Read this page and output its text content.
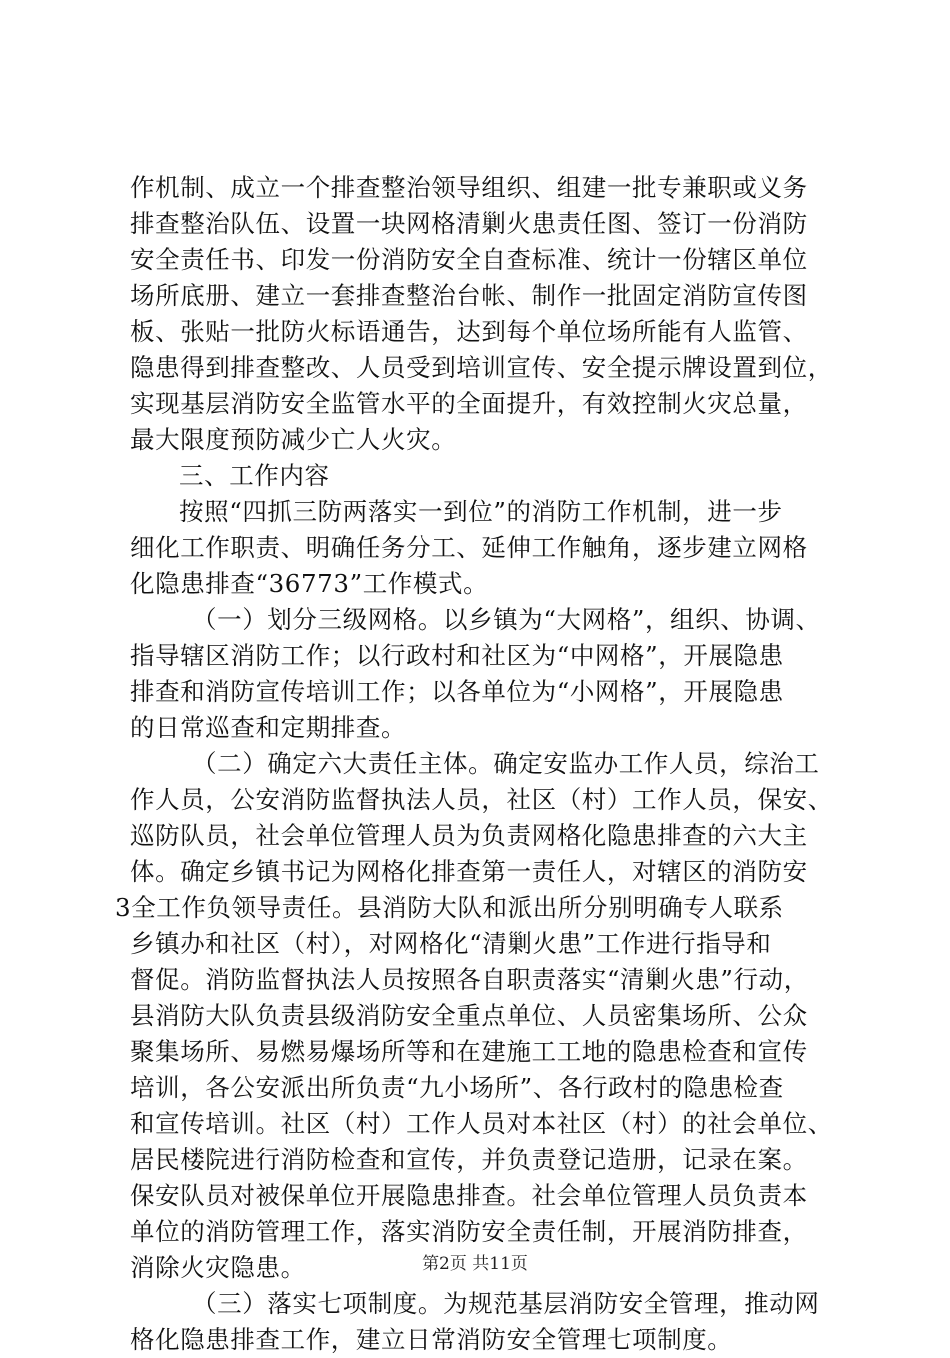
作机制、成立一个排查整治领导组织、组建一批专兼职或义务
排查整治队伍、设置一块网格清剿火患责任图、签订一份消防
安全责任书、印发一份消防安全自查标准、统计一份辖区单位
场所底册、建立一套排查整治台帐、制作一批固定消防宣传图
板、张贴一批防火标语通告，达到每个单位场所能有人监管、
隐患得到排查整改、人员受到培训宣传、安全提示牌设置到位，
实现基层消防安全监管水平的全面提升，有效控制火灾总量，
最大限度预防减少亡人火灾。
三、工作内容
按照“四抓三防两落实一到位”的消防工作机制，进一步
细化工作职责、明确任务分工、延伸工作触角，逐步建立网格
化隐患排查“36773”工作模式。
（一）划分三级网格。以乡镇为“大网格”，组织、协调、
指导辖区消防工作；以行政村和社区为“中网格”，开展隐患
排查和消防宣传培训工作；以各单位为“小网格”，开展隐患
的日常巡查和定期排查。
（二）确定六大责任主体。确定安监办工作人员，综治工
作人员，公安消防监督执法人员，社区（村）工作人员，保安、
巡防队员，社会单位管理人员为负责网格化隐患排查的六大主
体。确定乡镇书记为网格化排查第一责任人，对辖区的消防安
3全工作负领导责任。县消防大队和派出所分别明确专人联系
乡镇办和社区（村），对网格化“清剿火患”工作进行指导和
督促。消防监督执法人员按照各自职责落实“清剿火患”行动，
县消防大队负责县级消防安全重点单位、人员密集场所、公众
聚集场所、易燃易爆场所等和在建施工工地的隐患检查和宣传
培训，各公安派出所负责“九小场所”、各行政村的隐患检查
和宣传培训。社区（村）工作人员对本社区（村）的社会单位、
居民楼院进行消防检查和宣传，并负责登记造册，记录在案。
保安队员对被保单位开展隐患排查。社会单位管理人员负责本
单位的消防管理工作，落实消防安全责任制，开展消防排查，
消除火灾隐患。
（三）落实七项制度。为规范基层消防安全管理，推动网
格化隐患排查工作，建立日常消防安全管理七项制度。
第2页 共11页
